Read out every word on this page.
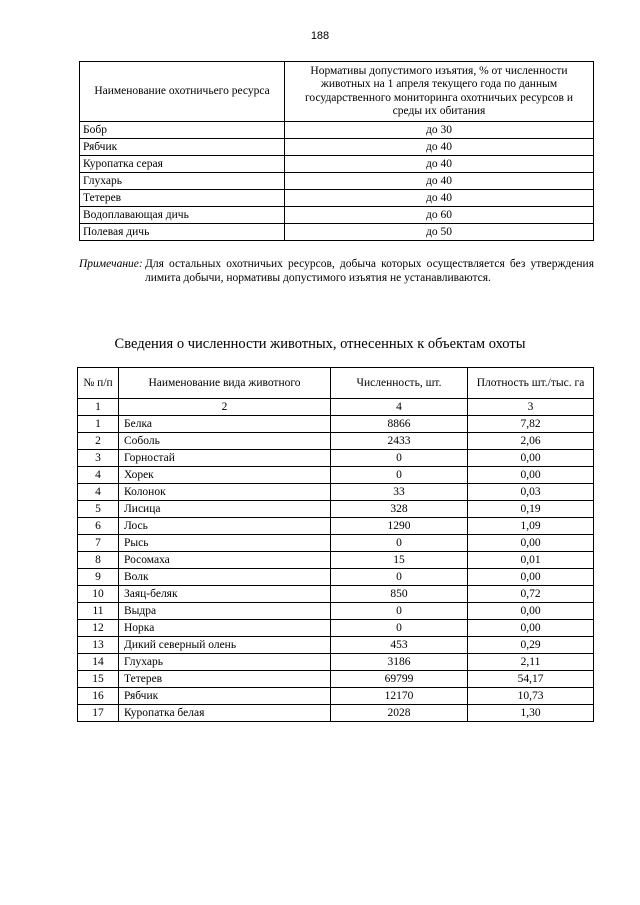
188
Наименование охотничьего ресурса	Нормативы допустимого изъятия, % от численности животных на 1 апреля текущего года по данным государственного мониторинга охотничьих ресурсов и среды их обитания
Бобр	до 30
Рябчик	до 40
Куропатка серая	до 40
Глухарь	до 40
Тетерев	до 40
Водоплавающая дичь	до 60
Полевая дичь	до 50
Примечание: Для остальных охотничьих ресурсов, добыча которых осуществляется без утверждения лимита добычи, нормативы допустимого изъятия не устанавливаются.
Сведения о численности животных, отнесенных к объектам охоты
№ п/п	Наименование вида животного	Численность, шт.	Плотность шт./тыс. га
1	2	4	3
1	Белка	8866	7,82
2	Соболь	2433	2,06
3	Горностай	0	0,00
4	Хорек	0	0,00
4	Колонок	33	0,03
5	Лисица	328	0,19
6	Лось	1290	1,09
7	Рысь	0	0,00
8	Росомаха	15	0,01
9	Волк	0	0,00
10	Заяц-беляк	850	0,72
11	Выдра	0	0,00
12	Норка	0	0,00
13	Дикий северный олень	453	0,29
14	Глухарь	3186	2,11
15	Тетерев	69799	54,17
16	Рябчик	12170	10,73
17	Куропатка белая	2028	1,30
